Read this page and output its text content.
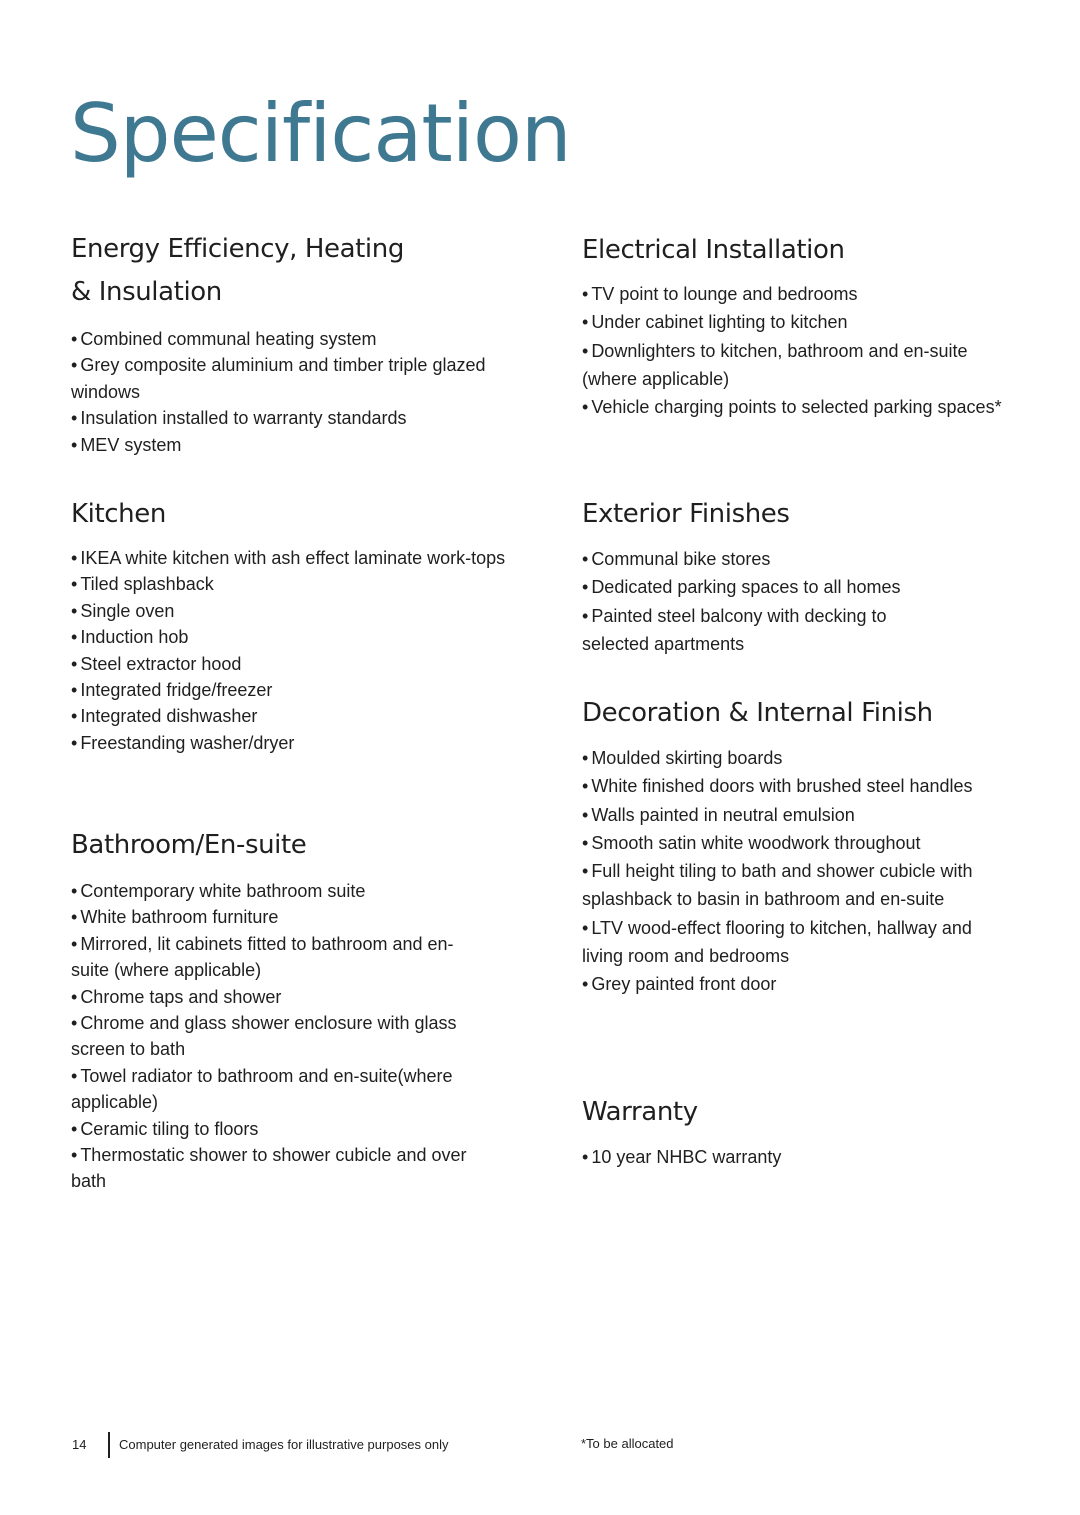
Specification
Energy Efficiency, Heating
& Insulation
• Combined communal heating system
• Grey composite aluminium and timber triple glazed windows
• Insulation installed to warranty standards
• MEV system
Kitchen
• IKEA white kitchen with ash effect laminate work-tops
• Tiled splashback
• Single oven
• Induction hob
• Steel extractor hood
• Integrated fridge/freezer
• Integrated dishwasher
• Freestanding washer/dryer
Bathroom/En-suite
• Contemporary white bathroom suite
• White bathroom furniture
• Mirrored, lit cabinets fitted to bathroom and en-suite (where applicable)
• Chrome taps and shower
• Chrome and glass shower enclosure with glass screen to bath
• Towel radiator to bathroom and en-suite(where applicable)
• Ceramic tiling to floors
• Thermostatic shower to shower cubicle and over bath
Electrical Installation
• TV point to lounge and bedrooms
• Under cabinet lighting to kitchen
• Downlighters to kitchen, bathroom and en-suite (where applicable)
• Vehicle charging points to selected parking spaces*
Exterior Finishes
• Communal bike stores
• Dedicated parking spaces to all homes
• Painted steel balcony with decking to selected apartments
Decoration & Internal Finish
• Moulded skirting boards
• White finished doors with brushed steel handles
• Walls painted in neutral emulsion
• Smooth satin white woodwork throughout
• Full height tiling to bath and shower cubicle with splashback to basin in bathroom and en-suite
• LTV wood-effect flooring to kitchen, hallway and living room and bedrooms
• Grey painted front door
Warranty
• 10 year NHBC warranty
14	Computer generated images for illustrative purposes only	*To be allocated
